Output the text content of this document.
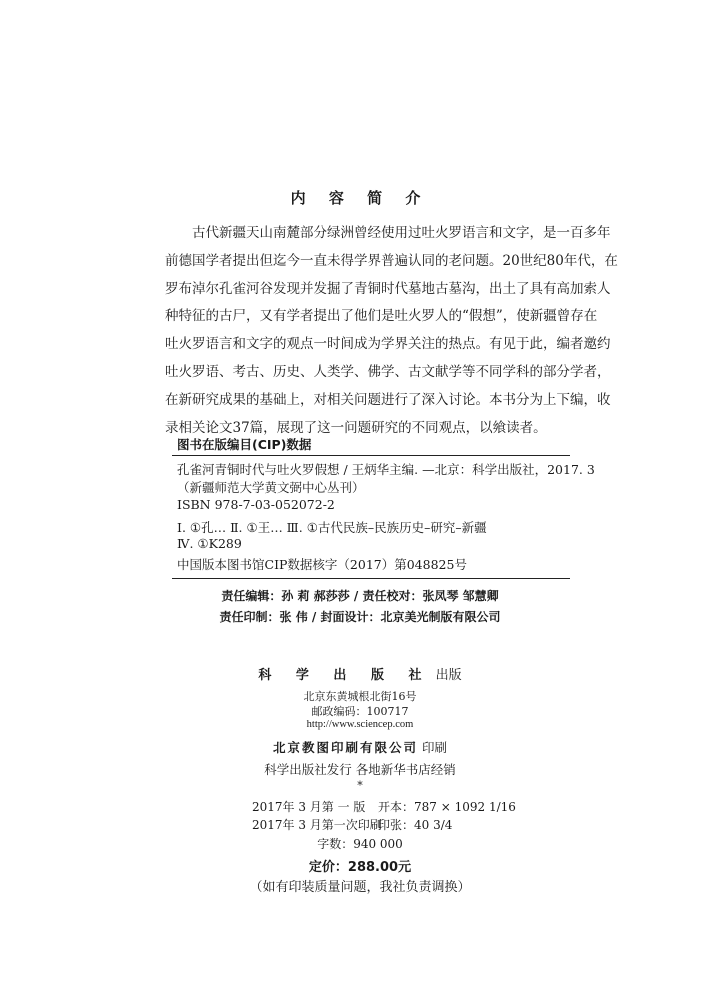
内 容 简 介
古代新疆天山南麓部分绿洲曾经使用过吐火罗语言和文字，是一百多年
前德国学者提出但迄今一直未得学界普遍认同的老问题。20世纪80年代，在
罗布淖尔孔雀河谷发现并发掘了青铜时代墓地古墓沟，出土了具有高加索人
种特征的古尸，又有学者提出了他们是吐火罗人的“假想”，使新疆曾存在
吐火罗语言和文字的观点一时间成为学界关注的热点。有见于此，编者邀约
吐火罗语、考古、历史、人类学、佛学、古文献学等不同学科的部分学者，
在新研究成果的基础上，对相关问题进行了深入讨论。本书分为上下编，收
录相关论文37篇，展现了这一问题研究的不同观点，以飨读者。
图书在版编目(CIP)数据
孔雀河青铜时代与吐火罗假想 / 王炳华主编. —北京：科学出版社，2017. 3
（新疆师范大学黄文弼中心丛刊）
ISBN 978-7-03-052072-2
Ⅰ. ①孔… Ⅱ. ①王… Ⅲ. ①古代民族–民族历史–研究–新疆
Ⅳ. ①K289
中国版本图书馆CIP数据核字（2017）第048825号
责任编辑：孙 莉 郝莎莎 / 责任校对：张凤琴 邹慧卿
责任印制：张 伟 / 封面设计：北京美光制版有限公司
科 学 出 版 社 出版
北京东黄城根北街16号
邮政编码：100717
http://www.sciencep.com
北京教图印刷有限公司 印刷
科学出版社发行 各地新华书店经销
*
2017年 3 月第 一 版 开本：787 × 1092 1/16
2017年 3 月第一次印刷
印张：40 3/4
字数：940 000
定价：288.00元
（如有印装质量问题，我社负责调换）
